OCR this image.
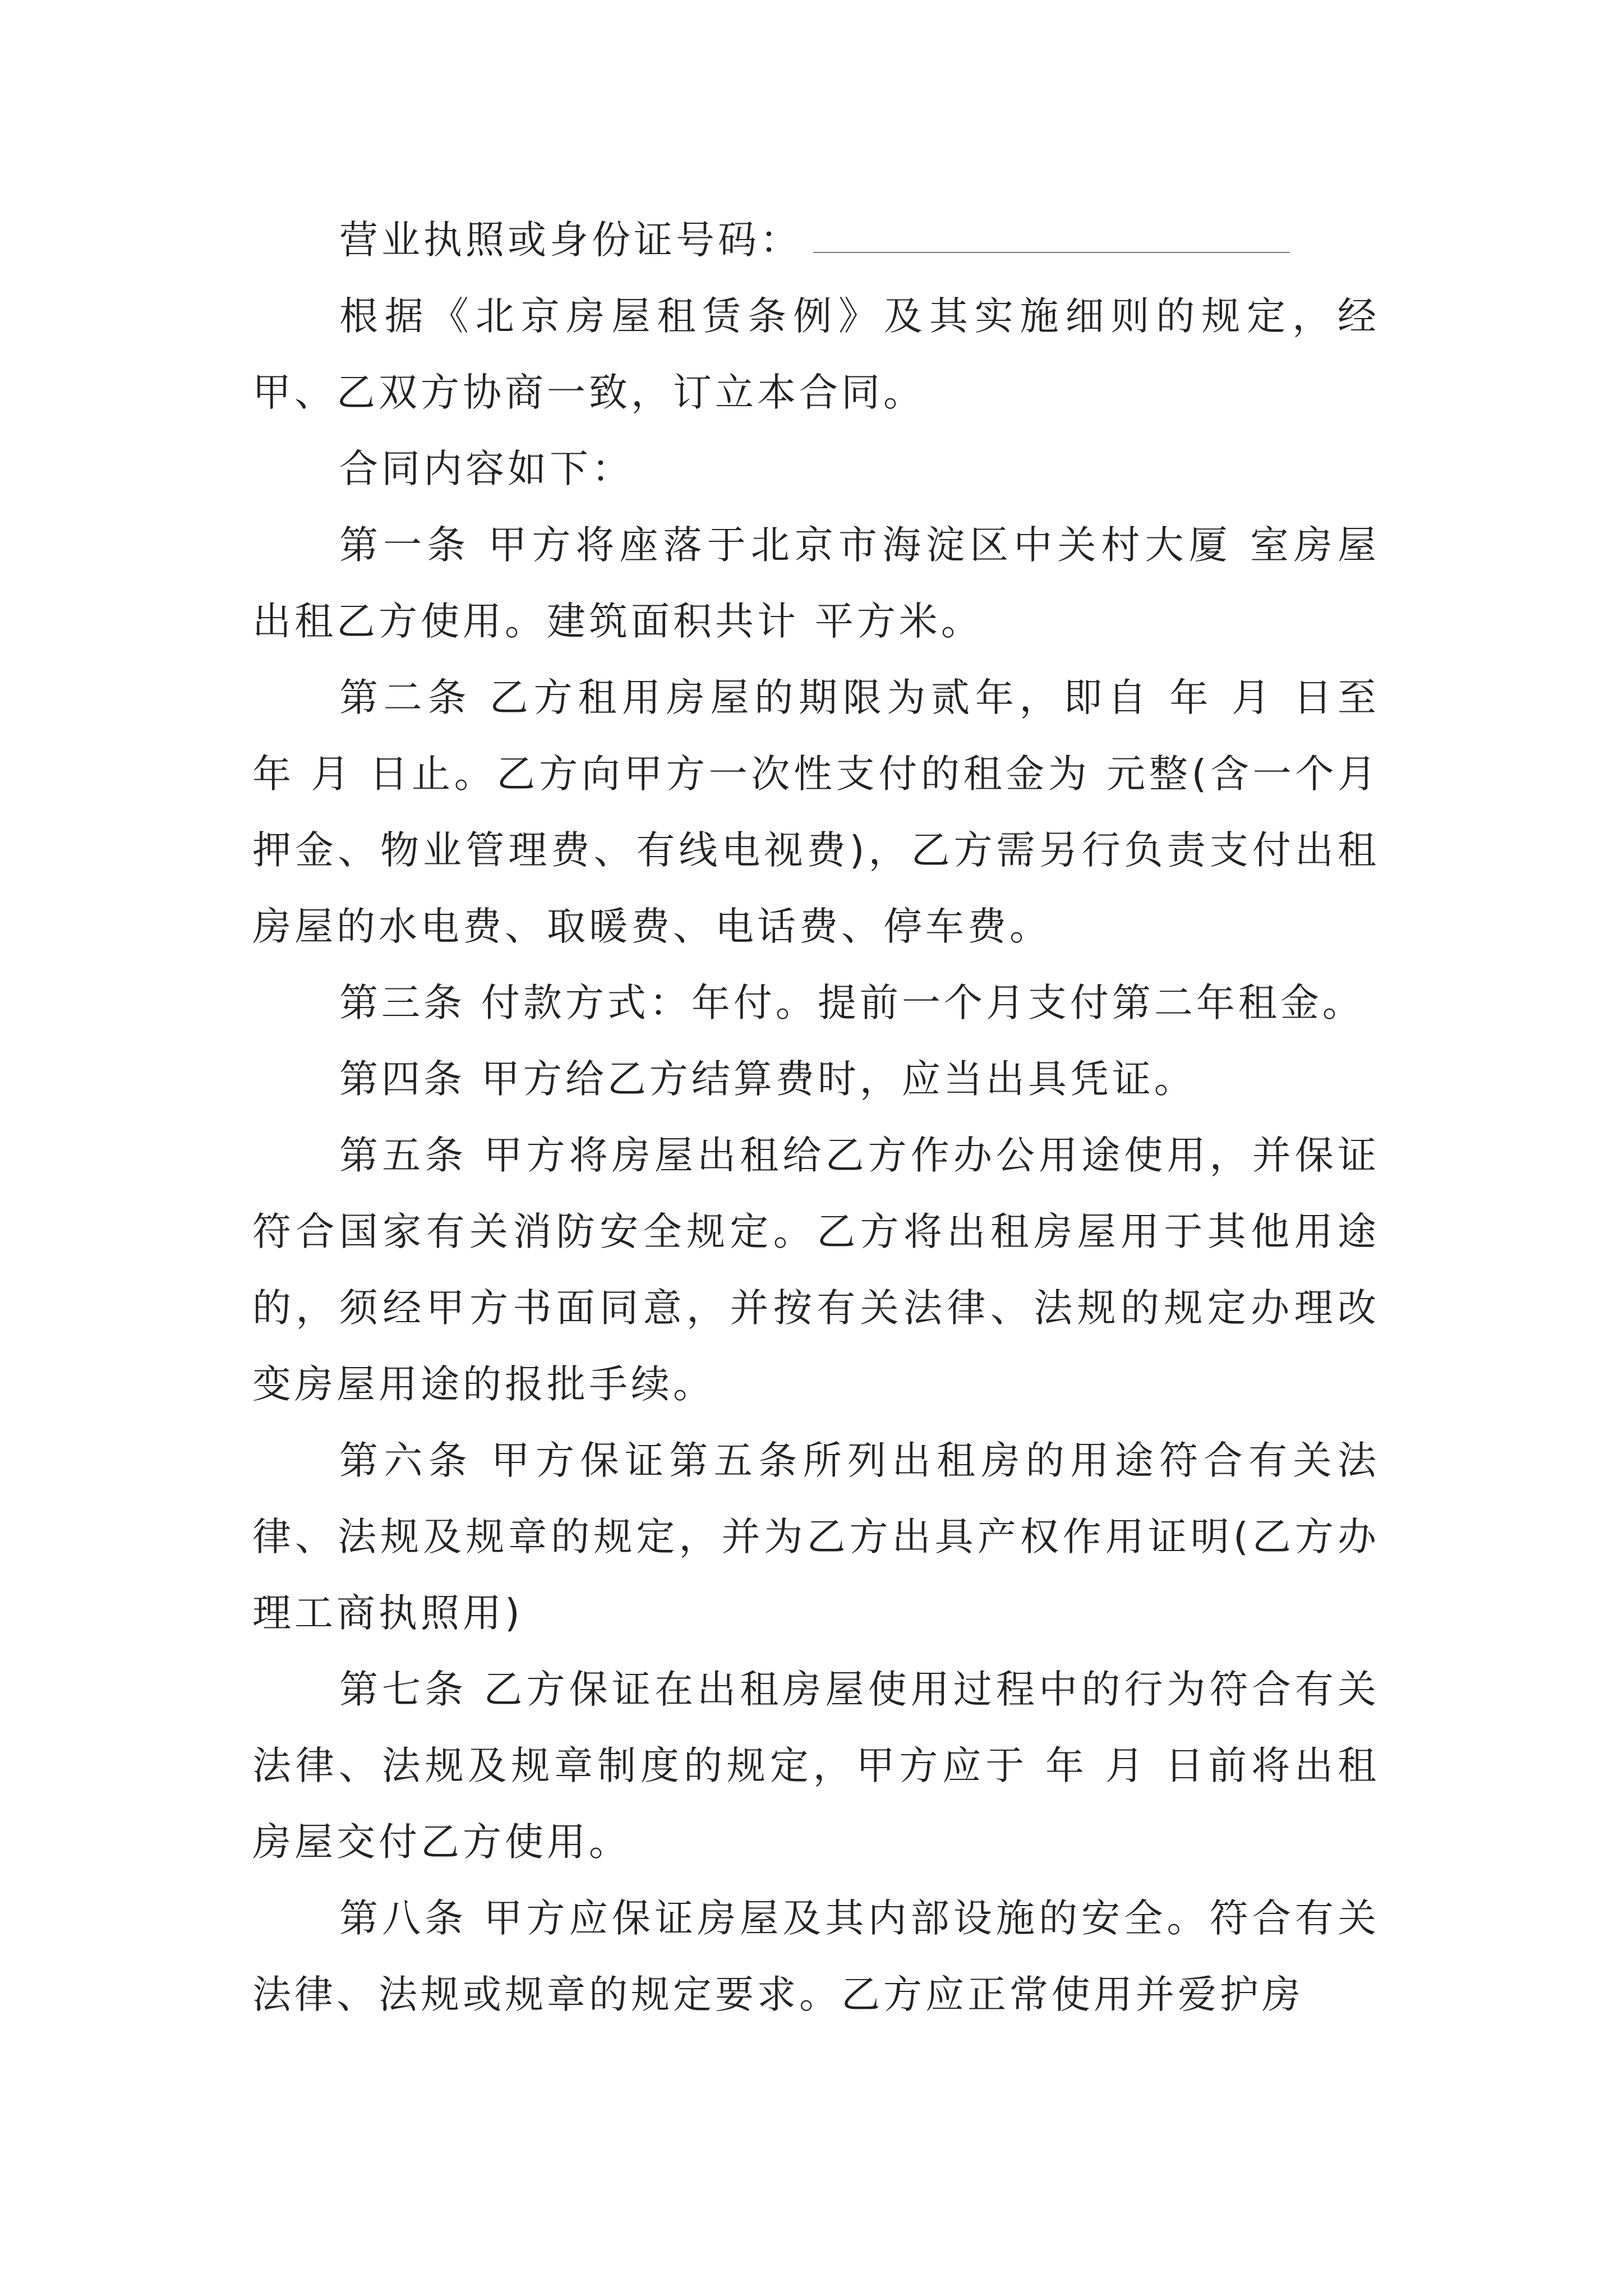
营业执照或身份证号码：

根据《北京房屋租赁条例》及其实施细则的规定，经甲、乙双方协商一致，订立本合同。

合同内容如下：

第一条 甲方将座落于北京市海淀区中关村大厦 室房屋出租乙方使用。建筑面积共计 平方米。

第二条 乙方租用房屋的期限为贰年，即自 年 月 日至 年 月 日止。乙方向甲方一次性支付的租金为 元整(含一个月押金、物业管理费、有线电视费)，乙方需另行负责支付出租房屋的水电费、取暖费、电话费、停车费。

第三条 付款方式：年付。提前一个月支付第二年租金。

第四条 甲方给乙方结算费时，应当出具凭证。

第五条 甲方将房屋出租给乙方作办公用途使用，并保证符合国家有关消防安全规定。乙方将出租房屋用于其他用途的，须经甲方书面同意，并按有关法律、法规的规定办理改变房屋用途的报批手续。

第六条 甲方保证第五条所列出租房的用途符合有关法律、法规及规章的规定，并为乙方出具产权作用证明(乙方办理工商执照用)

第七条 乙方保证在出租房屋使用过程中的行为符合有关法律、法规及规章制度的规定，甲方应于 年 月 日前将出租房屋交付乙方使用。

第八条 甲方应保证房屋及其内部设施的安全。符合有关法律、法规或规章的规定要求。乙方应正常使用并爱护房
